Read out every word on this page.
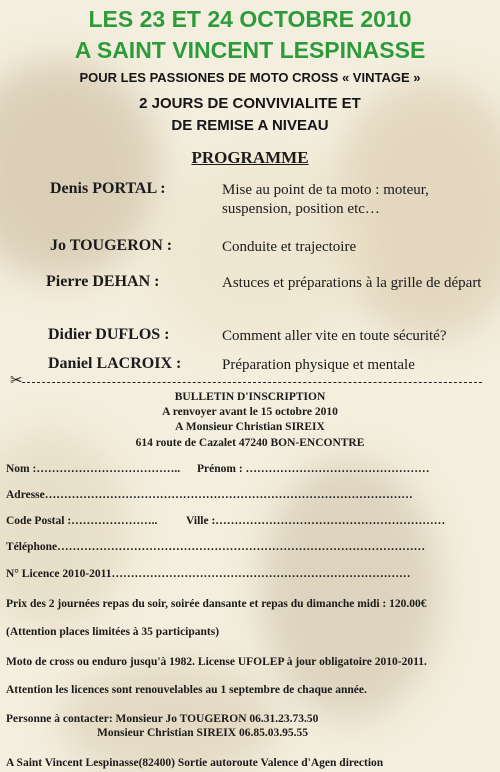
LES 23 ET 24 OCTOBRE 2010
A SAINT VINCENT LESPINASSE
POUR LES PASSIONES DE MOTO CROSS « VINTAGE »
2 JOURS DE CONVIVIALITE ET
DE REMISE A NIVEAU
PROGRAMME
Denis PORTAL :	Mise au point de ta moto : moteur, suspension, position etc…
Jo TOUGERON :	Conduite et trajectoire
Pierre DEHAN :	Astuces et préparations à la grille de départ
Didier DUFLOS :	Comment aller vite en toute sécurité?
Daniel LACROIX :	Préparation physique et mentale
✂
BULLETIN D'INSCRIPTION
A renvoyer avant le 15 octobre 2010
A Monsieur Christian SIREIX
614 route de Cazalet 47240 BON-ENCONTRE
Nom :……………………………….. Prénom : …………………………………………
Adresse……………………………………………………………………………………
Code Postal :………………….. Ville :……………………………………………………
Téléphone……………………………………………………………………………………
N° Licence 2010-2011……………………………………………………………………
Prix des 2 journées repas du soir, soirée dansante et repas du dimanche midi : 120.00€
(Attention places limitées à 35 participants)
Moto de cross ou enduro jusqu'à 1982. License UFOLEP à jour obligatoire 2010-2011.
Attention les licences sont renouvelables au 1 septembre de chaque année.
Personne à contacter: Monsieur Jo TOUGERON 06.31.23.73.50
Monsieur Christian SIREIX 06.85.03.95.55
A Saint Vincent Lespinasse(82400) Sortie autoroute Valence d'Agen direction
